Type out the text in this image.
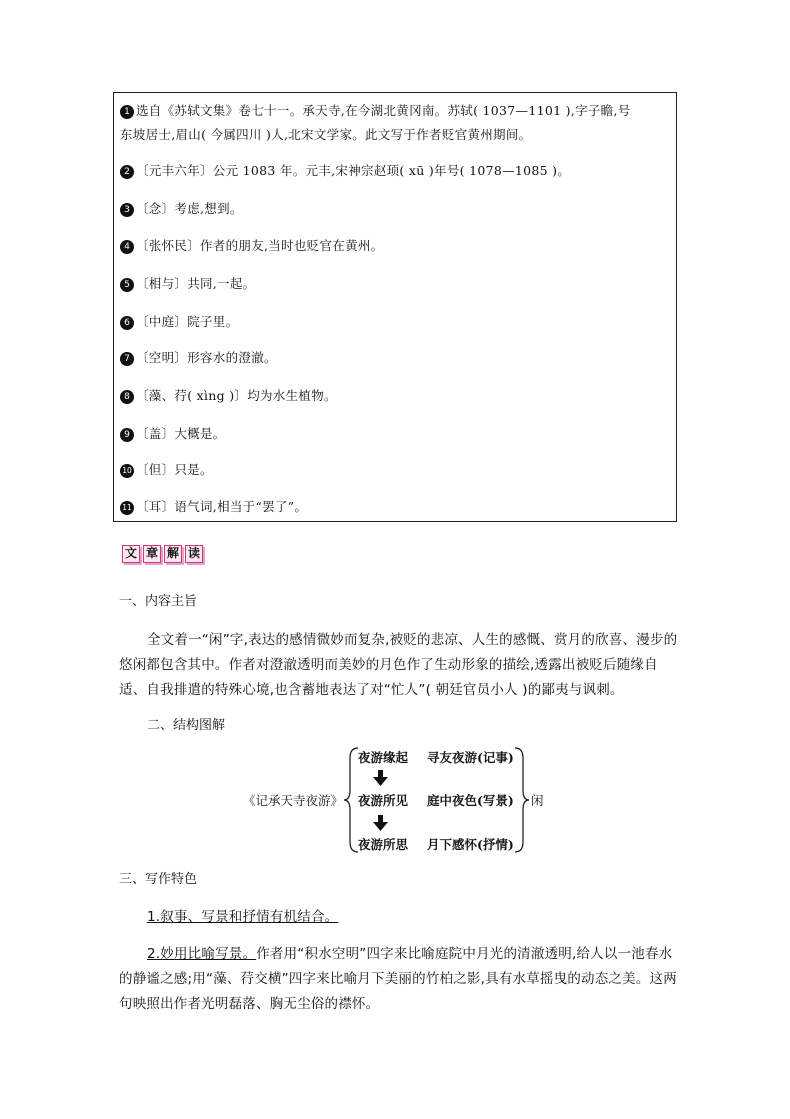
1 选自《苏轼文集》卷七十一。承天寺,在今湖北黄冈南。苏轼( 1037—1101 ),字子瞻,号
东坡居士,眉山( 今属四川 )人,北宋文学家。此文写于作者贬官黄州期间。
2 〔元丰六年〕公元 1083 年。元丰,宋神宗赵顼( xū )年号( 1078—1085 )。
3 〔念〕考虑,想到。
4 〔张怀民〕作者的朋友,当时也贬官在黄州。
5 〔相与〕共同,一起。
6 〔中庭〕院子里。
7 〔空明〕形容水的澄澈。
8 〔藻、荇( xìng )〕均为水生植物。
9 〔盖〕大概是。
10 〔但〕只是。
11 〔耳〕语气词,相当于“罢了”。
文 章 解 读
一、内容主旨

全文着一“闲”字,表达的感情微妙而复杂,被贬的悲凉、人生的感慨、赏月的欣喜、漫步的悠闲都包含其中。作者对澄澈透明而美妙的月色作了生动形象的描绘,透露出被贬后随缘自适、自我排遣的特殊心境,也含蓄地表达了对“忙人”( 朝廷官员小人 )的鄙夷与讽刺。

二、结构图解
《记承天寺夜游》
夜游缘起 寻友夜游(记事)
夜游所见 庭中夜色(写景)
夜游所思 月下感怀(抒情)
闲
三、写作特色

1.叙事、写景和抒情有机结合。

2.妙用比喻写景。作者用“积水空明”四字来比喻庭院中月光的清澈透明,给人以一池春水的静谧之感;用“藻、荇交横”四字来比喻月下美丽的竹柏之影,具有水草摇曳的动态之美。这两句映照出作者光明磊落、胸无尘俗的襟怀。
